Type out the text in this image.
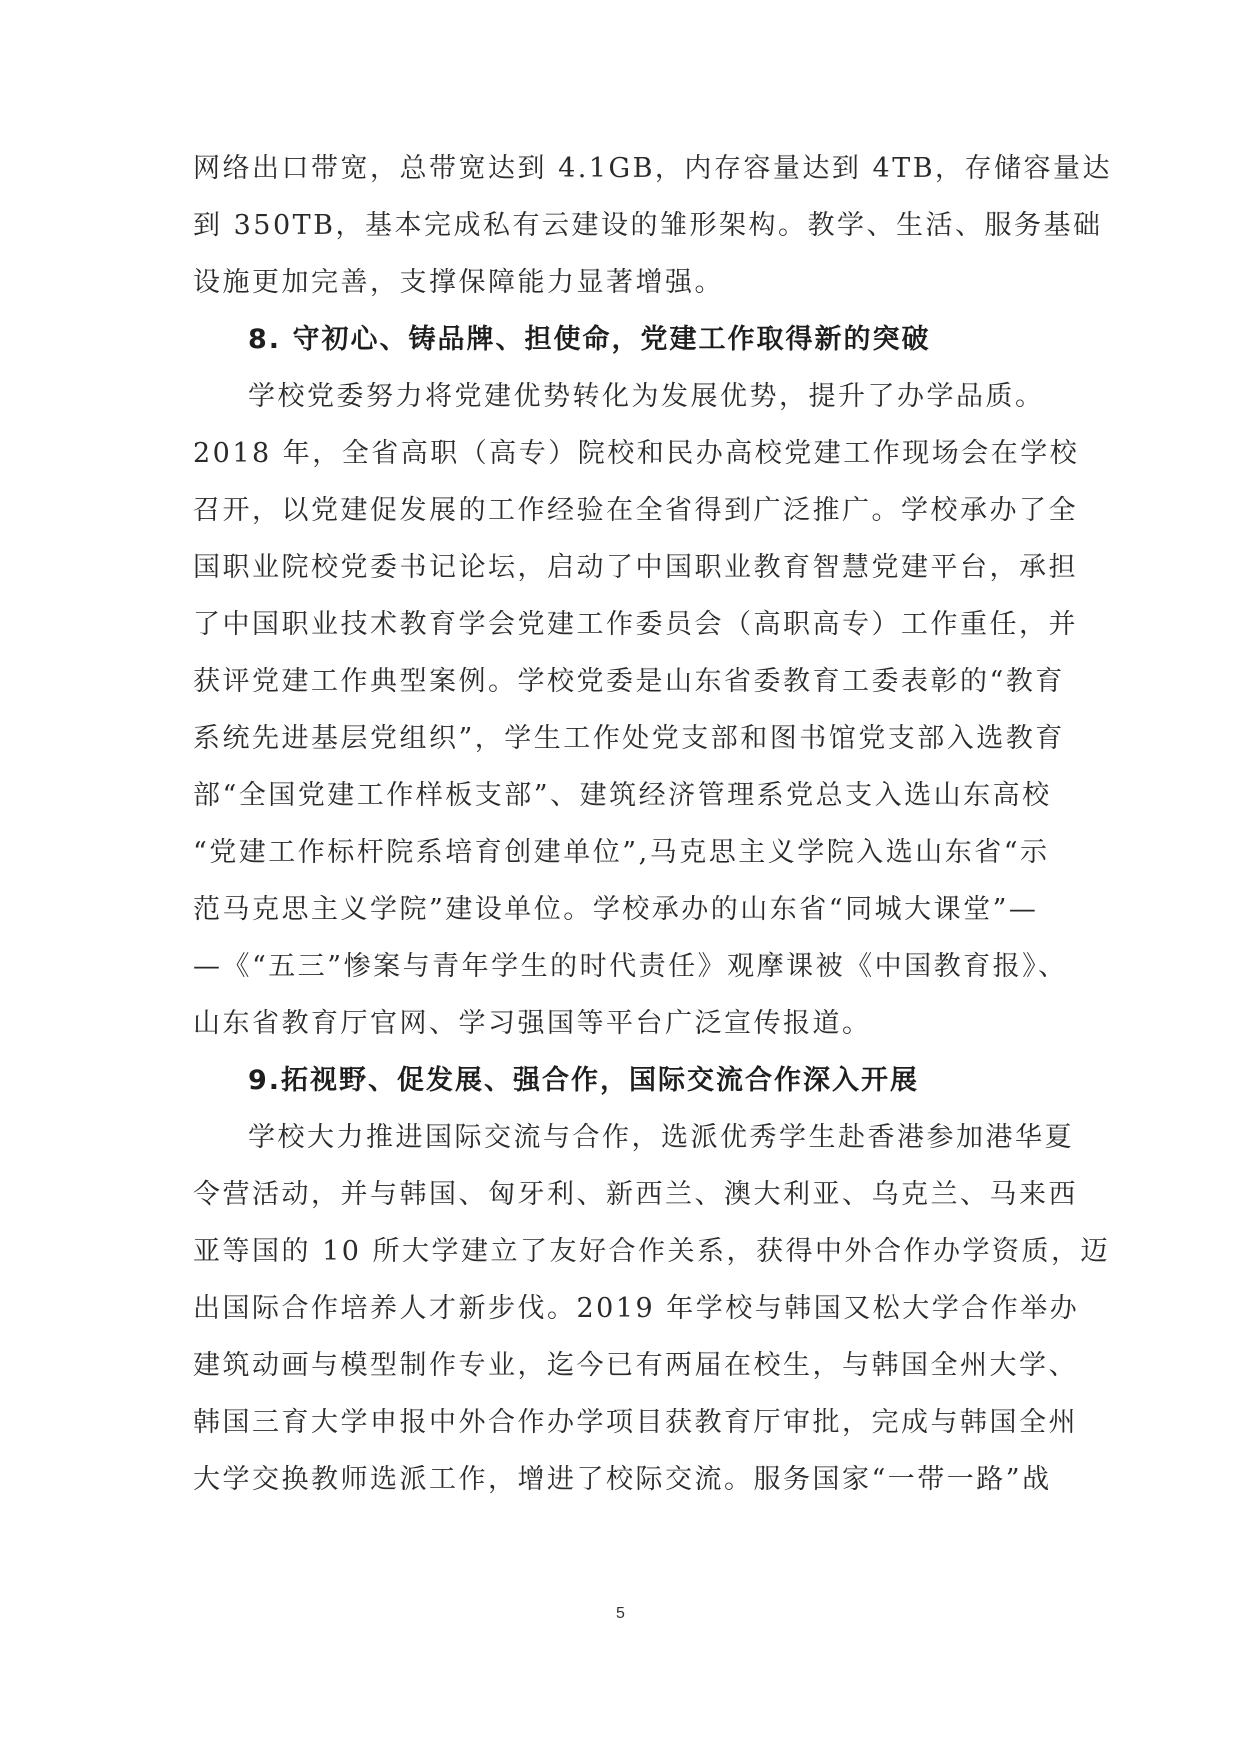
网络出口带宽，总带宽达到 4.1GB，内存容量达到 4TB，存储容量达
到 350TB，基本完成私有云建设的雏形架构。教学、生活、服务基础
设施更加完善，支撑保障能力显著增强。
8. 守初心、铸品牌、担使命，党建工作取得新的突破
学校党委努力将党建优势转化为发展优势，提升了办学品质。
2018 年，全省高职（高专）院校和民办高校党建工作现场会在学校
召开，以党建促发展的工作经验在全省得到广泛推广。学校承办了全
国职业院校党委书记论坛，启动了中国职业教育智慧党建平台，承担
了中国职业技术教育学会党建工作委员会（高职高专）工作重任，并
获评党建工作典型案例。学校党委是山东省委教育工委表彰的“教育
系统先进基层党组织”，学生工作处党支部和图书馆党支部入选教育
部“全国党建工作样板支部”、建筑经济管理系党总支入选山东高校
“党建工作标杆院系培育创建单位”,马克思主义学院入选山东省“示
范马克思主义学院”建设单位。学校承办的山东省“同城大课堂”—
—《“五三”惨案与青年学生的时代责任》观摩课被《中国教育报》、
山东省教育厅官网、学习强国等平台广泛宣传报道。
9.拓视野、促发展、强合作，国际交流合作深入开展
学校大力推进国际交流与合作，选派优秀学生赴香港参加港华夏
令营活动，并与韩国、匈牙利、新西兰、澳大利亚、乌克兰、马来西
亚等国的 10 所大学建立了友好合作关系，获得中外合作办学资质，迈
出国际合作培养人才新步伐。2019 年学校与韩国又松大学合作举办
建筑动画与模型制作专业，迄今已有两届在校生，与韩国全州大学、
韩国三育大学申报中外合作办学项目获教育厅审批，完成与韩国全州
大学交换教师选派工作，增进了校际交流。服务国家“一带一路”战
5
